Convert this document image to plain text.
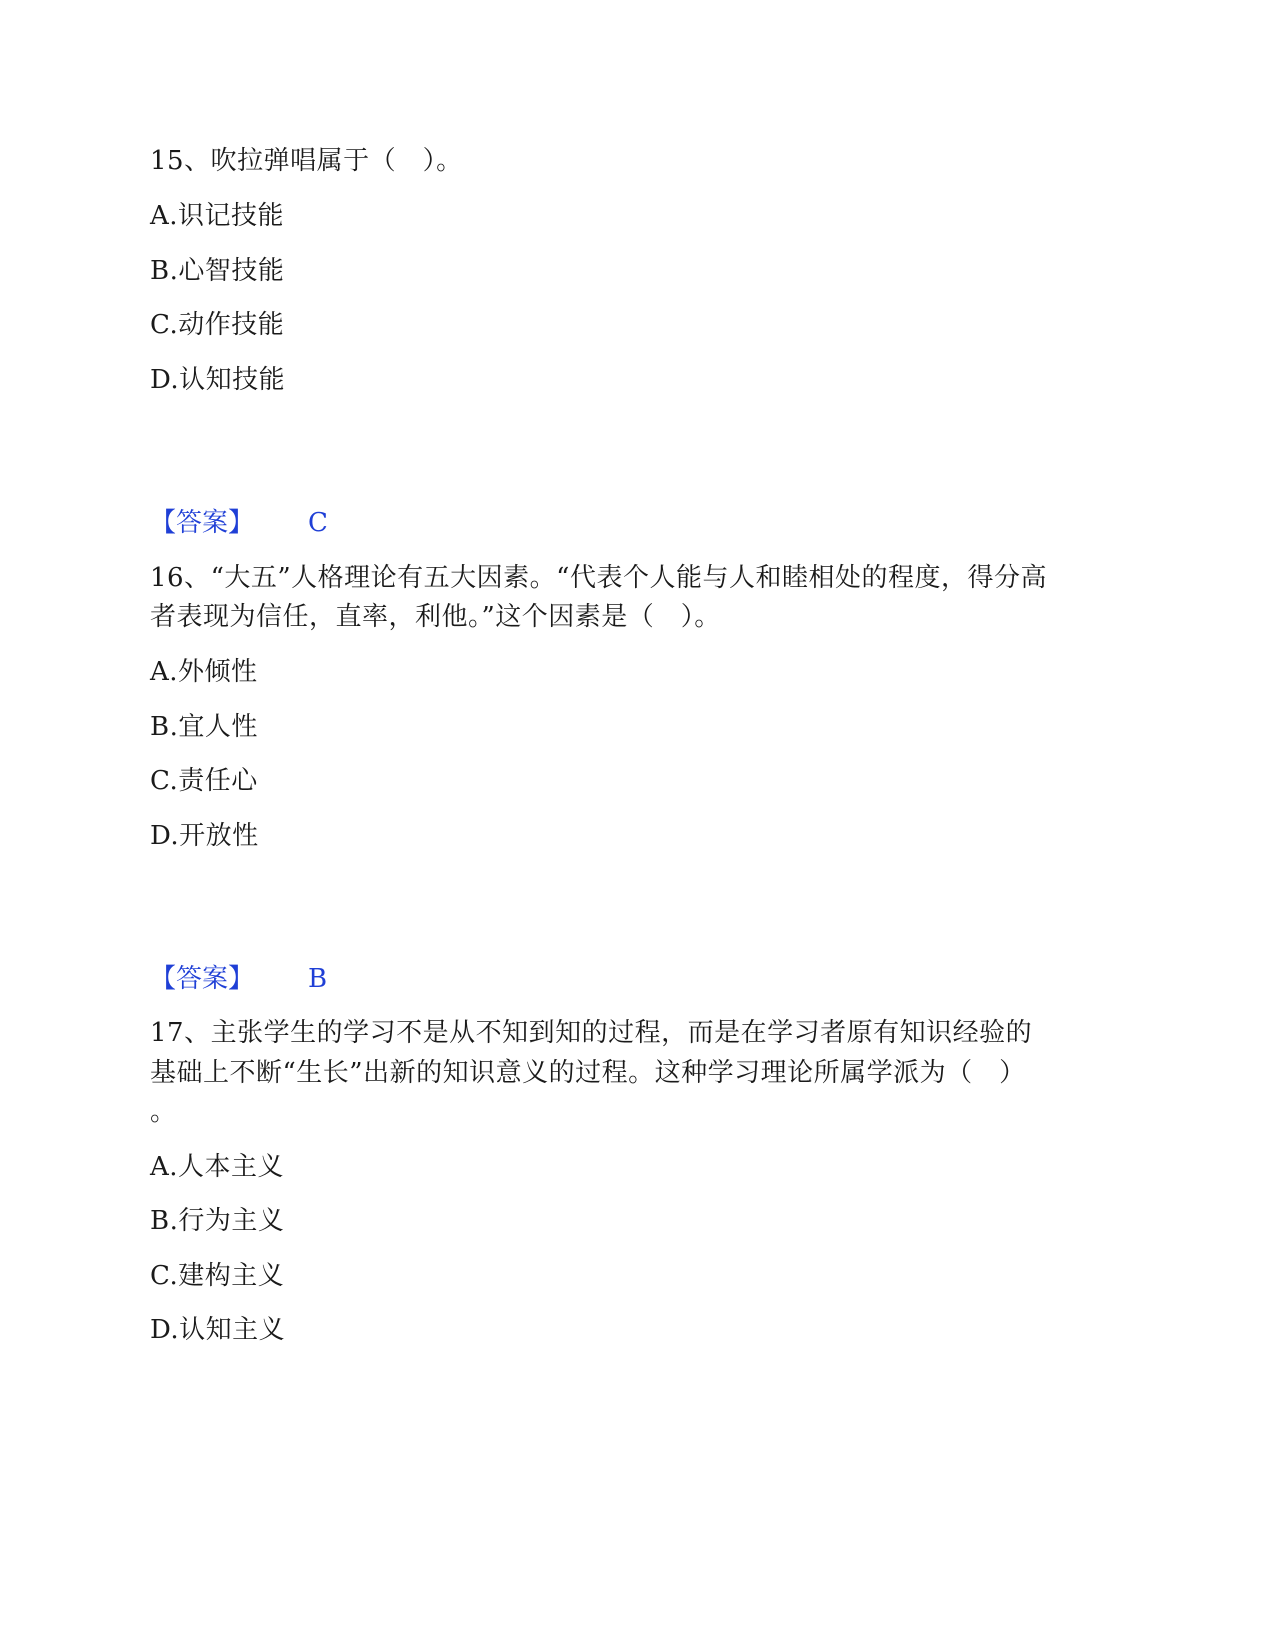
15、吹拉弹唱属于（　）。
A.识记技能
B.心智技能
C.动作技能
D.认知技能
【答案】 C
16、“大五”人格理论有五大因素。“代表个人能与人和睦相处的程度，得分高
者表现为信任，直率，利他。”这个因素是（　）。
A.外倾性
B.宜人性
C.责任心
D.开放性
【答案】 B
17、主张学生的学习不是从不知到知的过程，而是在学习者原有知识经验的
基础上不断“生长”出新的知识意义的过程。这种学习理论所属学派为（　）
。
A.人本主义
B.行为主义
C.建构主义
D.认知主义
